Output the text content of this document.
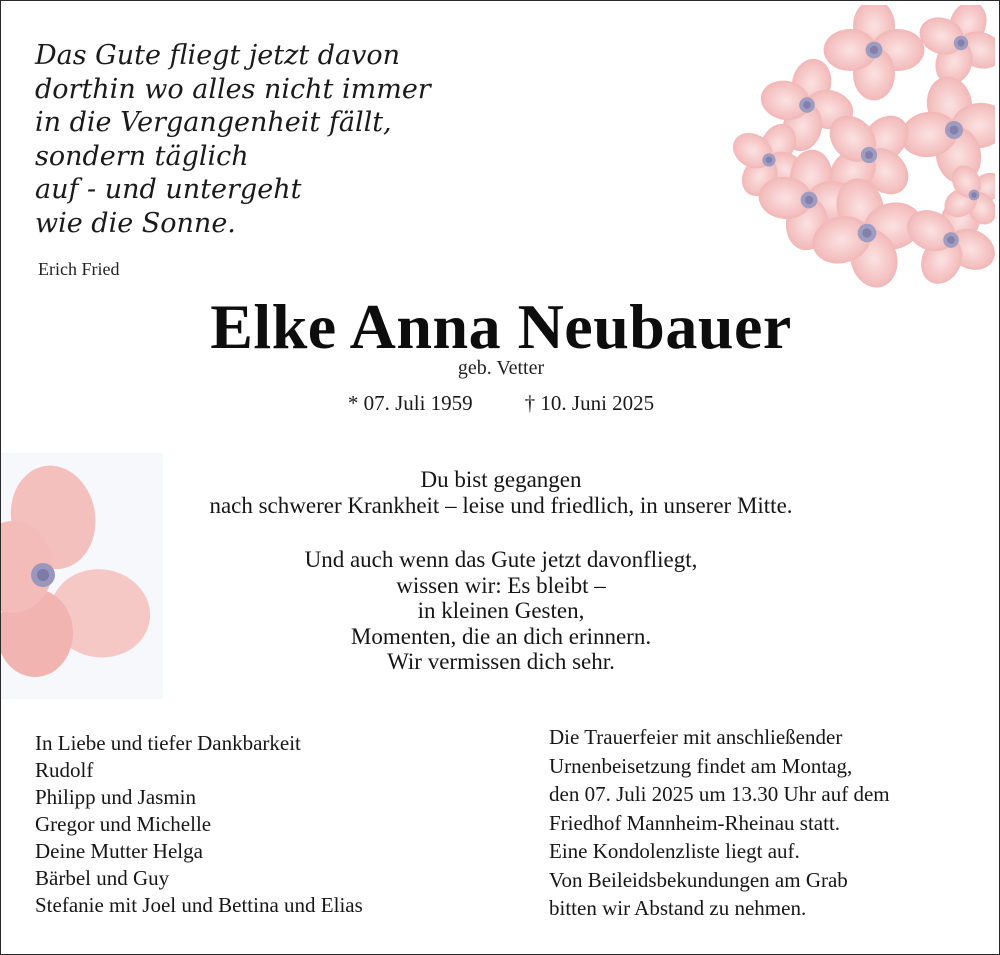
Das Gute fliegt jetzt davon
dorthin wo alles nicht immer
in die Vergangenheit fällt,
sondern täglich
auf - und untergeht
wie die Sonne.
Erich Fried
Elke Anna Neubauer
geb. Vetter
* 07. Juli 1959 † 10. Juni 2025
Du bist gegangen
nach schwerer Krankheit – leise und friedlich, in unserer Mitte.
Und auch wenn das Gute jetzt davonfliegt,
wissen wir: Es bleibt –
in kleinen Gesten,
Momenten, die an dich erinnern.
Wir vermissen dich sehr.
In Liebe und tiefer Dankbarkeit
Rudolf
Philipp und Jasmin
Gregor und Michelle
Deine Mutter Helga
Bärbel und Guy
Stefanie mit Joel und Bettina und Elias
Die Trauerfeier mit anschließender
Urnenbeisetzung findet am Montag,
den 07. Juli 2025 um 13.30 Uhr auf dem
Friedhof Mannheim-Rheinau statt.
Eine Kondolenzliste liegt auf.
Von Beileidsbekundungen am Grab
bitten wir Abstand zu nehmen.
